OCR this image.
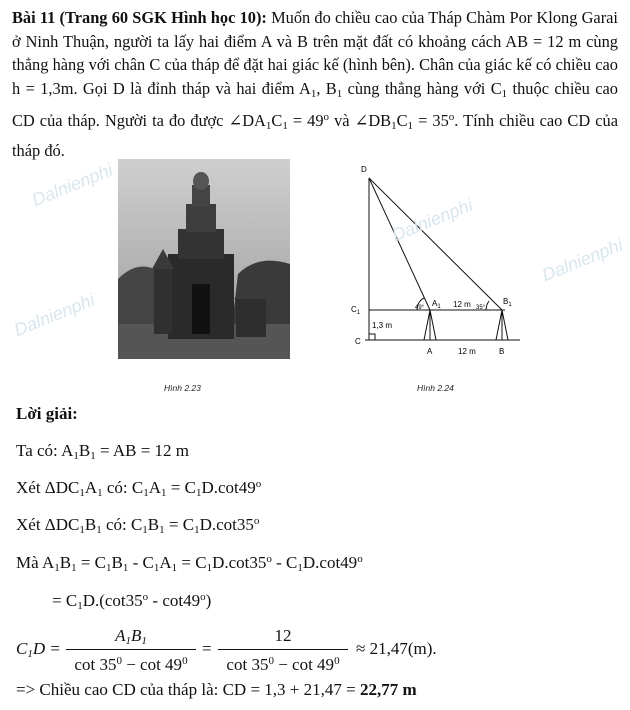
Bài 11 (Trang 60 SGK Hình học 10): Muốn đo chiều cao của Tháp Chàm Por Klong Garai ở Ninh Thuận, người ta lấy hai điểm A và B trên mặt đất có khoảng cách AB = 12 m cùng thẳng hàng với chân C của tháp để đặt hai giác kế (hình bên). Chân của giác kế có chiều cao h = 1,3m. Gọi D là đỉnh tháp và hai điểm $A_1$, $B_1$ cùng thẳng hàng với $C_1$ thuộc chiều cao CD của tháp. Người ta đo được $\angle DA_1C_1 = 49^o$ và $\angle DB_1C_1 = 35^o$. Tính chiều cao CD của tháp đó.
Hình 2.23
D
$C_1$
C
$A_1$
$B_1$
A	B
12 m
12 m
1,3 m
49°	35°
Hình 2.24
Dalnienphi
Dalnienphi
Dalnienphi
Dalnienphi
Lời giải:
Ta có: $A_1B_1$ = AB = 12 m
Xét $\Delta DC_1A_1$ có: $C_1A_1 = C_1D.\cot 49^o$
Xét $\Delta DC_1B_1$ có: $C_1B_1 = C_1D.\cot 35^o$
Mà $A_1B_1 = C_1B_1 - C_1A_1 = C_1D.\cot 35^o - C_1D.\cot 49^o$
= $C_1D.(\cot 35^o - \cot 49^o)$
$C_1D$ =
$A_1B_1$
$\cot 35^0 - \cot 49^0$
=
12
$\cot 35^0 - \cot 49^0$
≈ 21,47(m).
=> Chiều cao CD của tháp là: CD = 1,3 + 21,47 = 22,77 m
